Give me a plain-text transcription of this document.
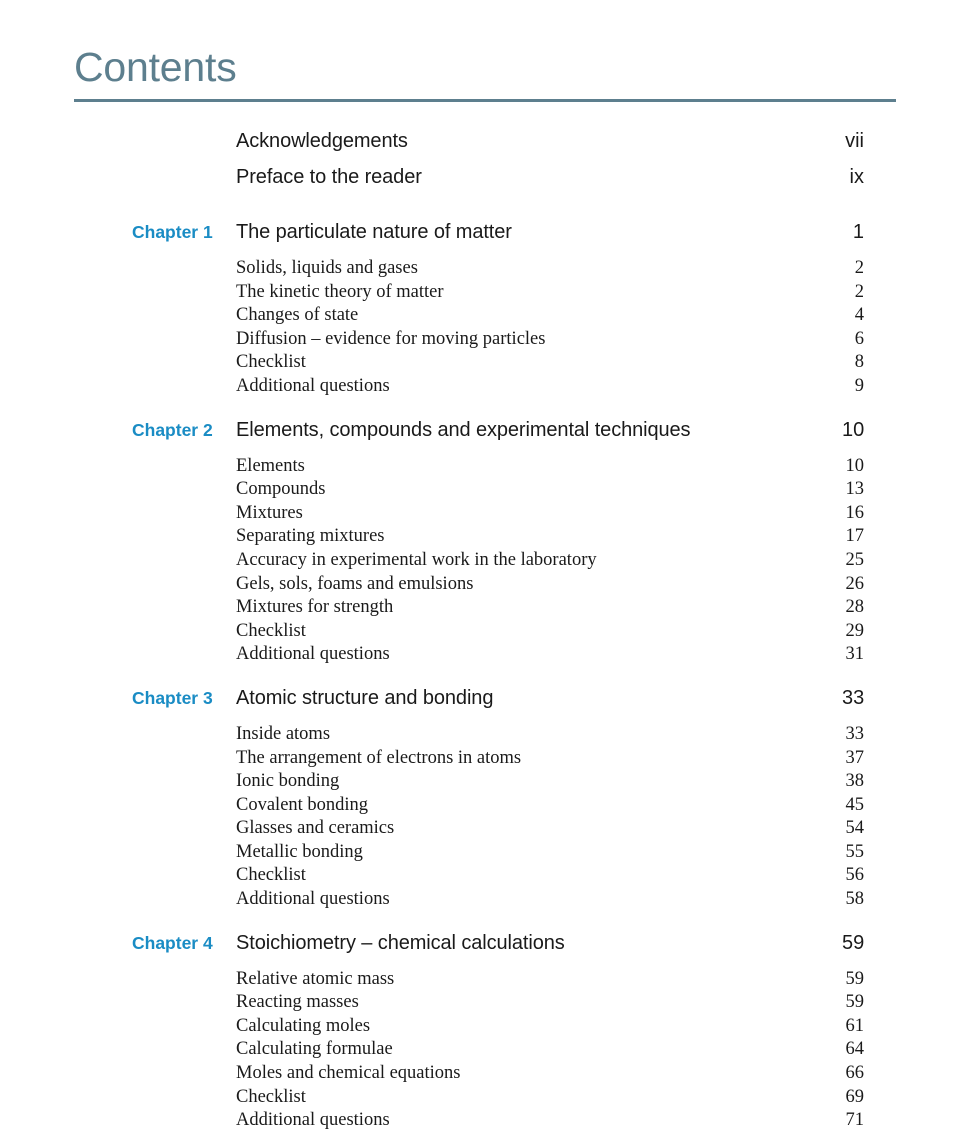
Contents
Acknowledgements	vii
Preface to the reader	ix
Chapter 1	The particulate nature of matter	1
Solids, liquids and gases	2
The kinetic theory of matter	2
Changes of state	4
Diffusion – evidence for moving particles	6
Checklist	8
Additional questions	9
Chapter 2	Elements, compounds and experimental techniques	10
Elements	10
Compounds	13
Mixtures	16
Separating mixtures	17
Accuracy in experimental work in the laboratory	25
Gels, sols, foams and emulsions	26
Mixtures for strength	28
Checklist	29
Additional questions	31
Chapter 3	Atomic structure and bonding	33
Inside atoms	33
The arrangement of electrons in atoms	37
Ionic bonding	38
Covalent bonding	45
Glasses and ceramics	54
Metallic bonding	55
Checklist	56
Additional questions	58
Chapter 4	Stoichiometry – chemical calculations	59
Relative atomic mass	59
Reacting masses	59
Calculating moles	61
Calculating formulae	64
Moles and chemical equations	66
Checklist	69
Additional questions	71
